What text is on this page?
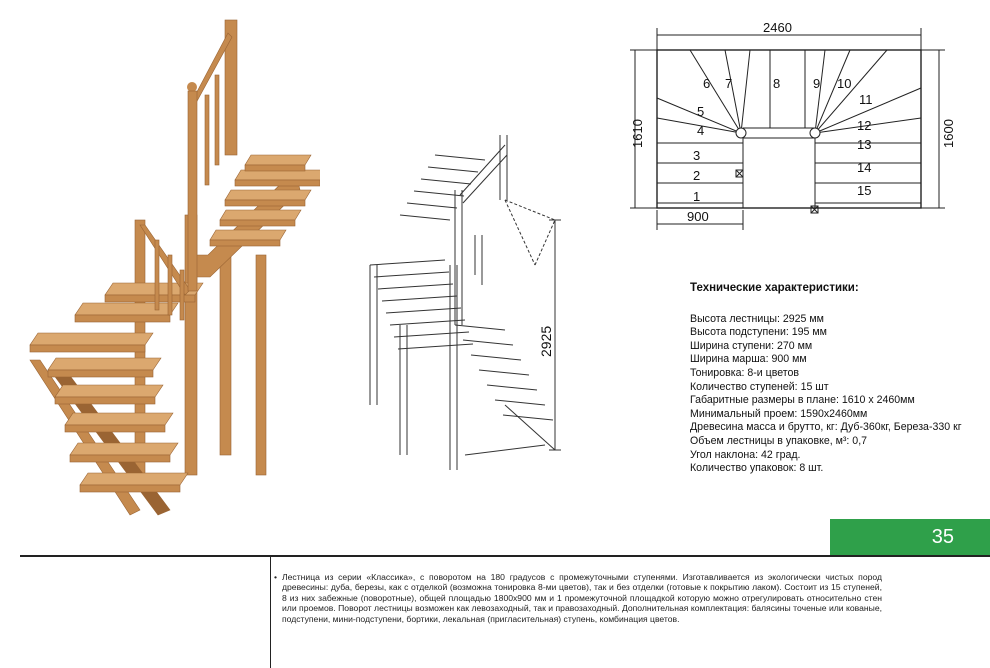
2925
2460
1610	1600
900
1
2
3
4
5
6 7	8	9 10
11
12
13
14
15
Технические характеристики:
Высота лестницы: 2925 мм
Высота подступени: 195 мм
Ширина ступени: 270 мм
Ширина марша: 900 мм
Тонировка: 8-и цветов
Количество ступеней: 15 шт
Габаритные размеры в плане: 1610 x 2460мм
Минимальный проем: 1590x2460мм
Древесина масса и брутто, кг: Дуб-360кг, Береза-330 кг
Объем лестницы в упаковке, м³: 0,7
Угол наклона: 42 град.
Количество упаковок: 8 шт.
35
• Лестница из серии «Классика», с поворотом на 180 градусов с промежуточными ступенями. Изготавливается из экологически чистых пород древесины: дуба, березы, как с отделкой (возможна тонировка 8-ми цветов), так и без отделки (готовые к покрытию лаком). Состоит из 15 ступеней, 8 из них забежные (поворотные), общей площадью 1800x900 мм и 1 промежуточной площадкой которую можно отрегулировать относительно стен или проемов. Поворот лестницы возможен как левозаходный, так и правозаходный. Дополнительная комплектация: балясины точеные или кованые, подступени, мини-подступени, бортики, лекальная (пригласительная) ступень, комбинация цветов.
